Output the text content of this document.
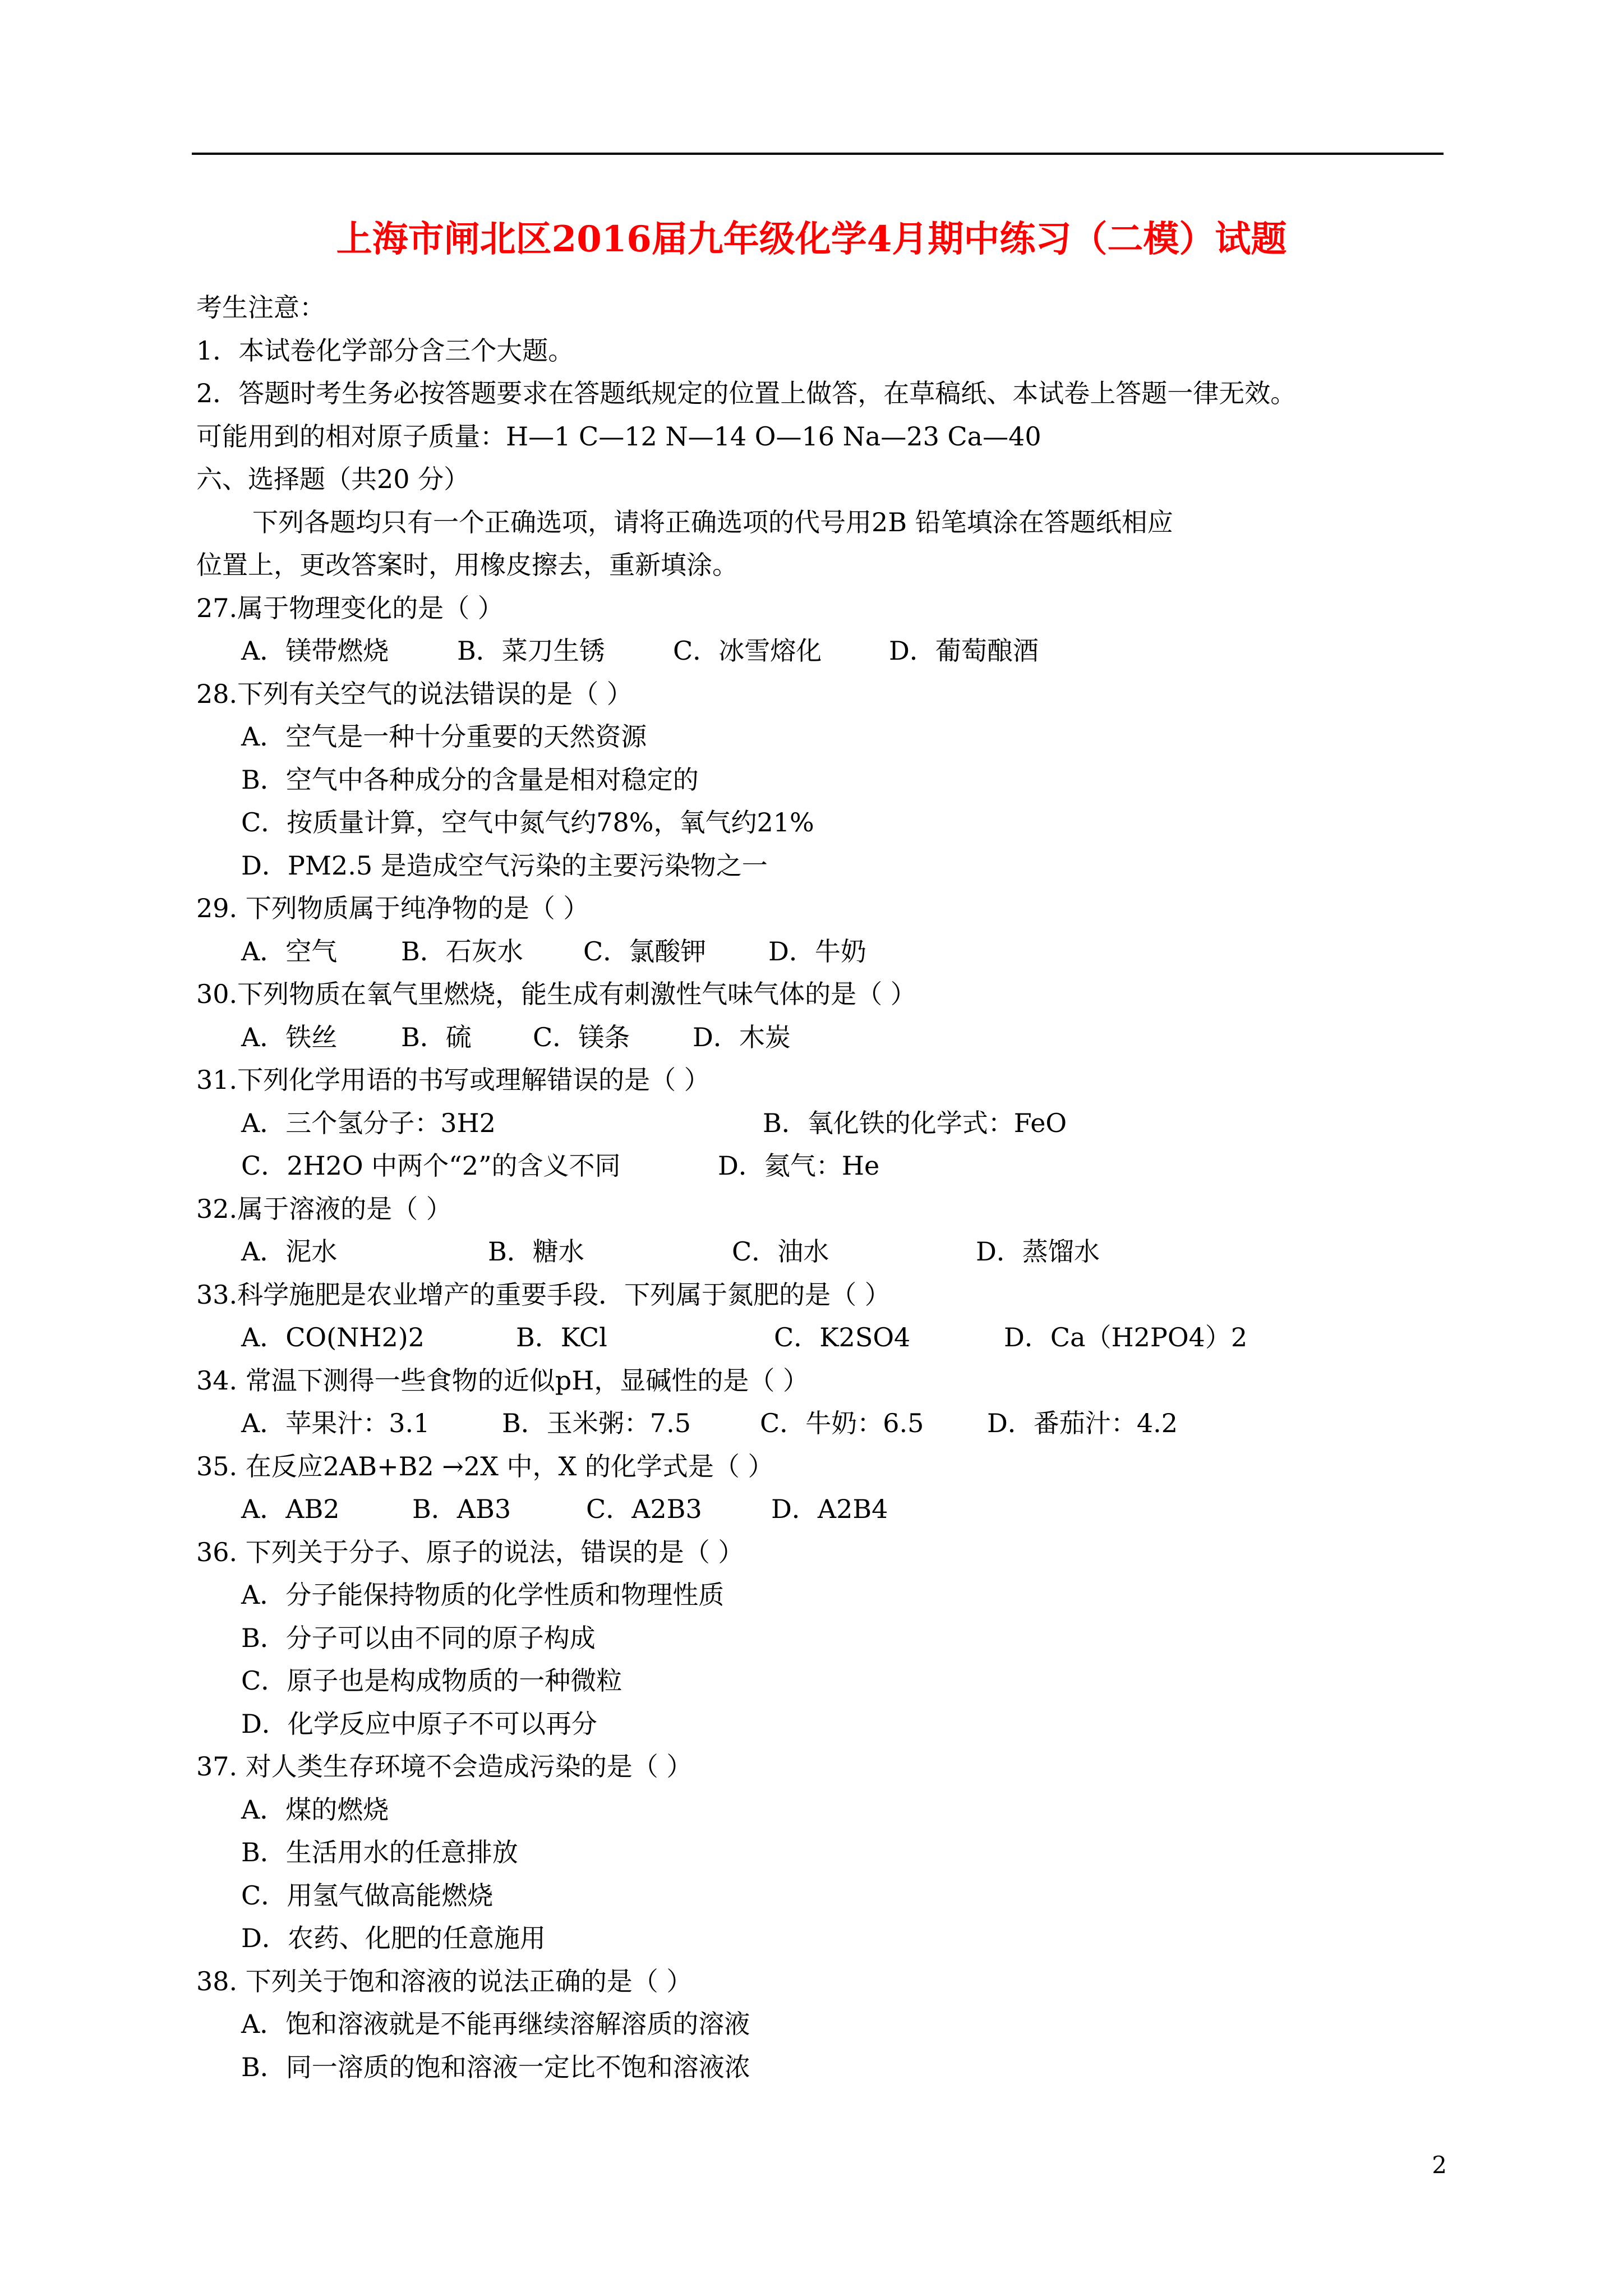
上海市闸北区2016届九年级化学4月期中练习（二模）试题
考生注意：
1．本试卷化学部分含三个大题。
2．答题时考生务必按答题要求在答题纸规定的位置上做答，在草稿纸、本试卷上答题一律无效。
可能用到的相对原子质量：H—1 C—12 N—14 O—16 Na—23 Ca—40
六、选择题（共20 分）
下列各题均只有一个正确选项，请将正确选项的代号用2B 铅笔填涂在答题纸相应
位置上，更改答案时，用橡皮擦去，重新填涂。
27.属于物理变化的是（ ）
A．镁带燃烧	B．菜刀生锈	C．冰雪熔化	D．葡萄酿酒
28.下列有关空气的说法错误的是（ ）
A．空气是一种十分重要的天然资源
B．空气中各种成分的含量是相对稳定的
C．按质量计算，空气中氮气约78%，氧气约21%
D．PM2.5 是造成空气污染的主要污染物之一
29. 下列物质属于纯净物的是（ ）
A．空气	B．石灰水	C．氯酸钾	D．牛奶
30.下列物质在氧气里燃烧，能生成有刺激性气味气体的是（ ）
A．铁丝	B．硫	C．镁条	D．木炭
31.下列化学用语的书写或理解错误的是（ ）
A．三个氢分子：3H2	B．氧化铁的化学式：FeO
C．2H2O 中两个“2”的含义不同	D．氦气：He
32.属于溶液的是（ ）
A．泥水	B．糖水	C．油水	D．蒸馏水
33.科学施肥是农业增产的重要手段．下列属于氮肥的是（ ）
A．CO(NH2)2	B．KCl	C．K2SO4	D．Ca（H2PO4）2
34. 常温下测得一些食物的近似pH，显碱性的是（ ）
A．苹果汁：3.1	B．玉米粥：7.5	C．牛奶：6.5	D．番茄汁：4.2
35. 在反应2AB+B2 →2X 中，X 的化学式是（ ）
A．AB2	B．AB3	C．A2B3	D．A2B4
36. 下列关于分子、原子的说法，错误的是（ ）
A．分子能保持物质的化学性质和物理性质
B．分子可以由不同的原子构成
C．原子也是构成物质的一种微粒
D．化学反应中原子不可以再分
37. 对人类生存环境不会造成污染的是（ ）
A．煤的燃烧
B．生活用水的任意排放
C．用氢气做高能燃烧
D．农药、化肥的任意施用
38. 下列关于饱和溶液的说法正确的是（ ）
A．饱和溶液就是不能再继续溶解溶质的溶液
B．同一溶质的饱和溶液一定比不饱和溶液浓
2
